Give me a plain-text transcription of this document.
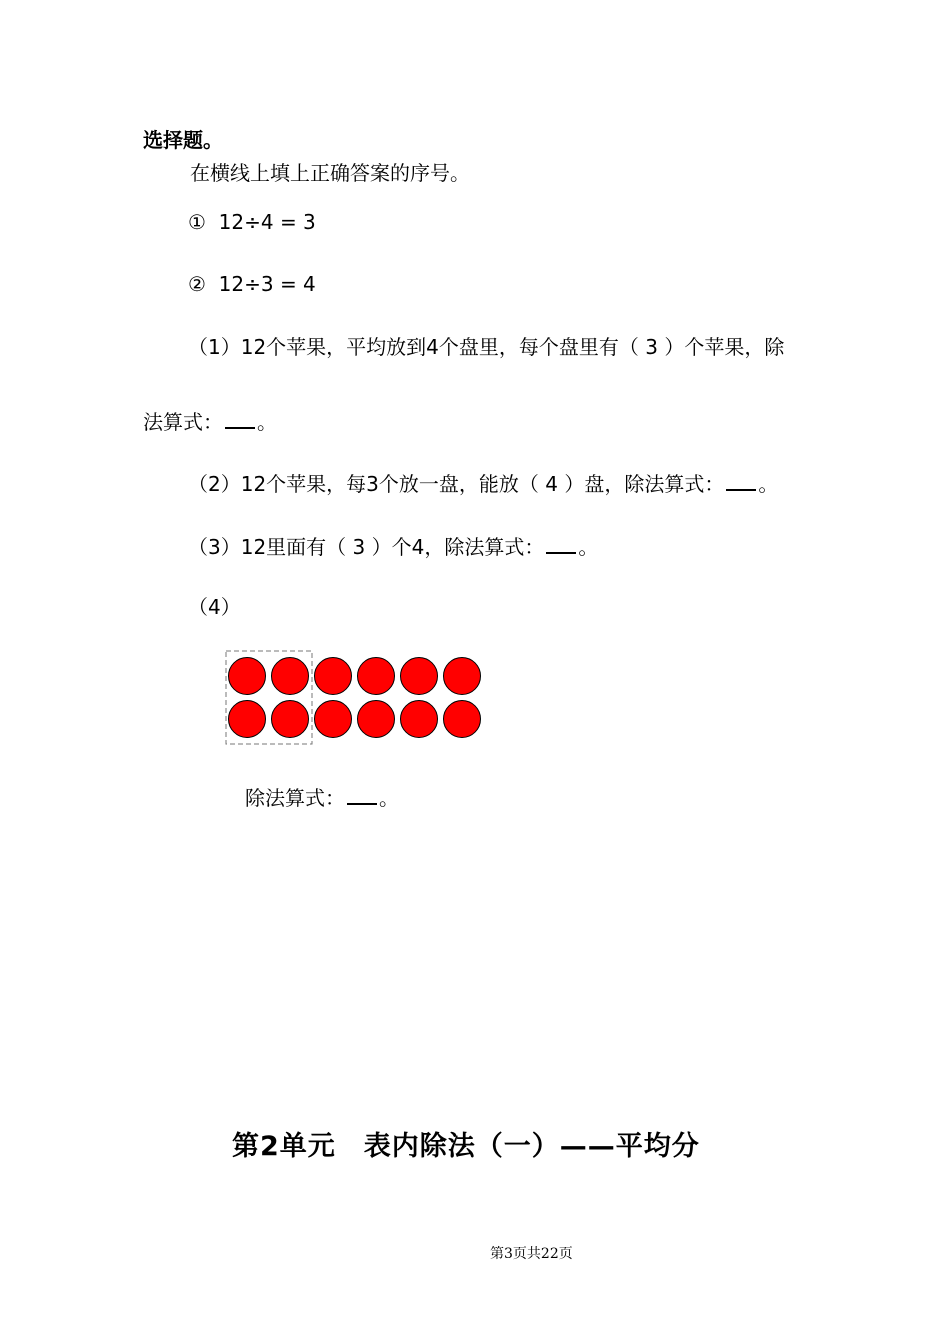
选择题。
在横线上填上正确答案的序号。
① 12÷4 = 3
② 12÷3 = 4
（1）12个苹果，平均放到4个盘里，每个盘里有（ 3 ）个苹果，除
法算式： 。
（2）12个苹果，每3个放一盘，能放（ 4 ）盘，除法算式： 。
（3）12里面有（ 3 ）个4，除法算式： 。
（4）
除法算式： 。
第2单元 表内除法（一）——平均分
第3页共22页
